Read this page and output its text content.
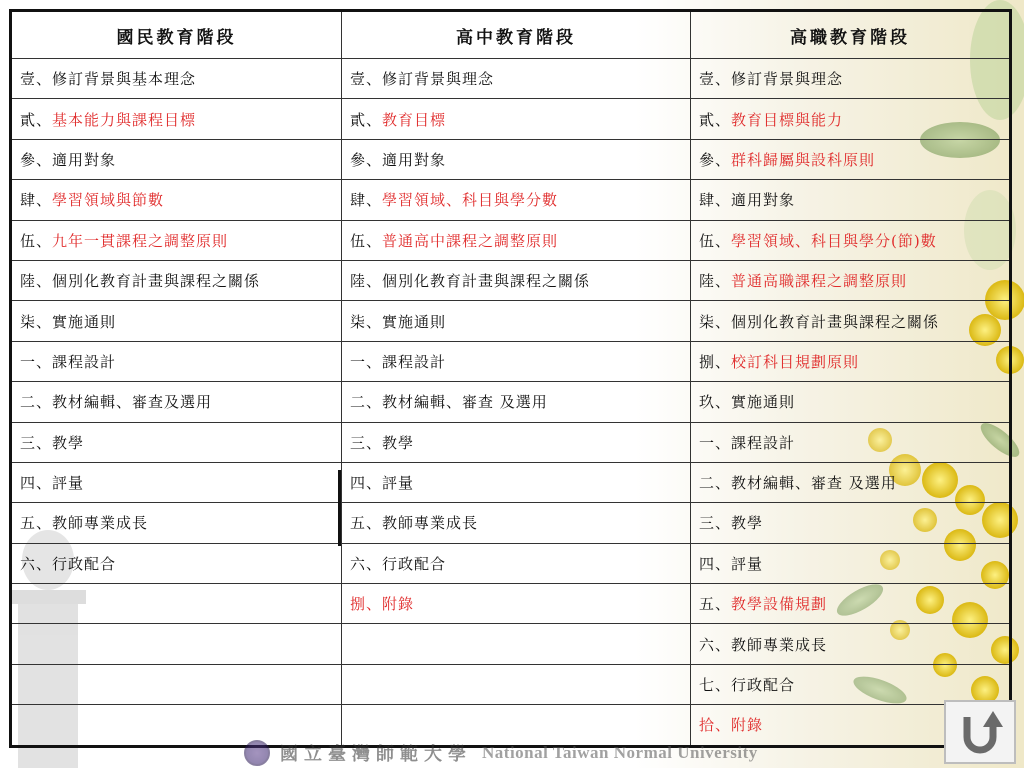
國民教育階段	高中教育階段	高職教育階段
壹、修訂背景與基本理念	壹、修訂背景與理念	壹、修訂背景與理念
貳、基本能力與課程目標	貳、教育目標	貳、教育目標與能力
參、適用對象	參、適用對象	參、群科歸屬與設科原則
肆、學習領域與節數	肆、學習領域、科目與學分數	肆、適用對象
伍、九年一貫課程之調整原則	伍、普通高中課程之調整原則	伍、學習領域、科目與學分(節)數
陸、個別化教育計畫與課程之關係	陸、個別化教育計畫與課程之關係	陸、普通高職課程之調整原則
柒、實施通則	柒、實施通則	柒、個別化教育計畫與課程之關係
一、課程設計	一、課程設計	捌、校訂科目規劃原則
二、教材編輯、審查及選用	二、教材編輯、審查 及選用	玖、實施通則
三、教學	三、教學	一、課程設計
四、評量	四、評量	二、教材編輯、審查 及選用
五、教師專業成長	五、教師專業成長	三、教學
六、行政配合	六、行政配合	四、評量
	捌、附錄	五、教學設備規劃
		六、教師專業成長
		七、行政配合
		拾、附錄
國立臺灣師範大學 National Taiwan Normal University
